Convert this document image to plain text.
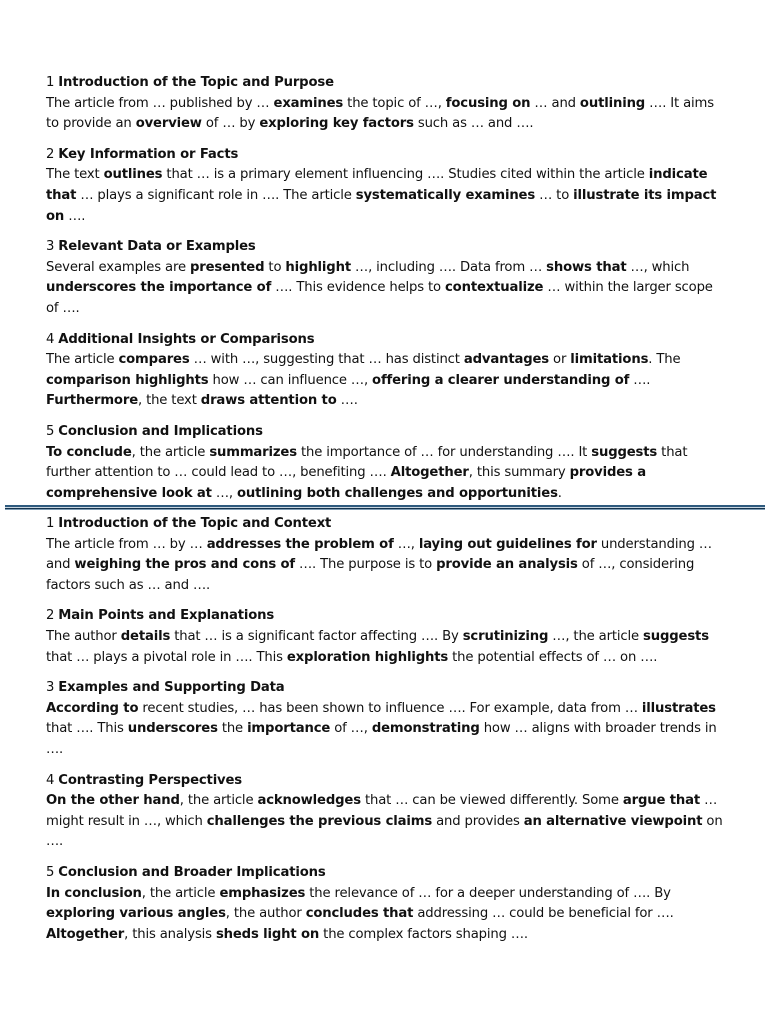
1 Introduction of the Topic and Purpose
The article from … published by … examines the topic of …, focusing on … and outlining …. It aims to provide an overview of … by exploring key factors such as … and ….
2 Key Information or Facts
The text outlines that … is a primary element influencing …. Studies cited within the article indicate that … plays a significant role in …. The article systematically examines … to illustrate its impact on ….
3 Relevant Data or Examples
Several examples are presented to highlight …, including …. Data from … shows that …, which underscores the importance of …. This evidence helps to contextualize … within the larger scope of ….
4 Additional Insights or Comparisons
The article compares … with …, suggesting that … has distinct advantages or limitations. The comparison highlights how … can influence …, offering a clearer understanding of …. Furthermore, the text draws attention to ….
5 Conclusion and Implications
To conclude, the article summarizes the importance of … for understanding …. It suggests that further attention to … could lead to …, benefiting …. Altogether, this summary provides a comprehensive look at …, outlining both challenges and opportunities.
1 Introduction of the Topic and Context
The article from … by … addresses the problem of …, laying out guidelines for understanding … and weighing the pros and cons of …. The purpose is to provide an analysis of …, considering factors such as … and ….
2 Main Points and Explanations
The author details that … is a significant factor affecting …. By scrutinizing …, the article suggests that … plays a pivotal role in …. This exploration highlights the potential effects of … on ….
3 Examples and Supporting Data
According to recent studies, … has been shown to influence …. For example, data from … illustrates that …. This underscores the importance of …, demonstrating how … aligns with broader trends in ….
4 Contrasting Perspectives
On the other hand, the article acknowledges that … can be viewed differently. Some argue that … might result in …, which challenges the previous claims and provides an alternative viewpoint on ….
5 Conclusion and Broader Implications
In conclusion, the article emphasizes the relevance of … for a deeper understanding of …. By exploring various angles, the author concludes that addressing … could be beneficial for …. Altogether, this analysis sheds light on the complex factors shaping ….
